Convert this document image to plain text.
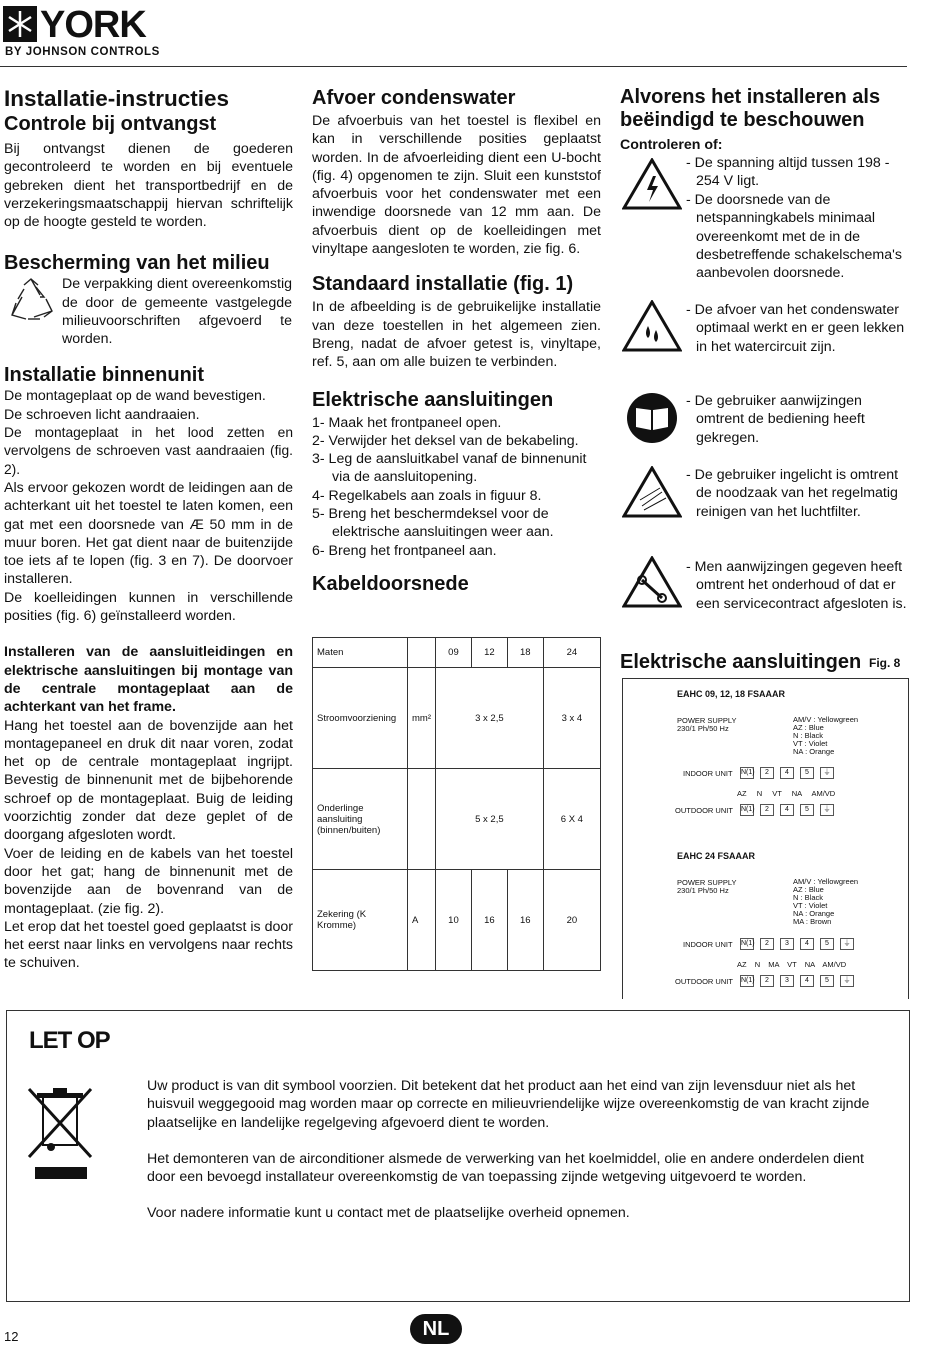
YORK
BY JOHNSON CONTROLS

Installatie-instructies

Controle bij ontvangst

Bij ontvangst dienen de goederen gecontroleerd te worden en bij eventuele gebreken dient het transportbedrijf en de verzekeringsmaatschappij hiervan schriftelijk op de hoogte gesteld te worden.

Bescherming van het milieu

De verpakking dient overeenkomstig de door de gemeente vastgelegde milieuvoorschriften afgevoerd te worden.

Installatie binnenunit

De montageplaat op de wand bevestigen.

De schroeven licht aandraaien.

De montageplaat in het lood zetten en vervolgens de schroeven vast aandraaien (fig. 2).

Als ervoor gekozen wordt de leidingen aan de achterkant uit het toestel te laten komen, een gat met een doorsnede van Æ 50 mm in de muur boren. Het gat dient naar de buitenzijde toe iets af te lopen (fig. 3 en 7). De doorvoer installeren.

De koelleidingen kunnen in verschillende posities (fig. 6) geïnstalleerd worden.

Installeren van de aansluitleidingen en elektrische aansluitingen bij montage van de centrale montageplaat aan de achterkant van het frame.

Hang het toestel aan de bovenzijde aan het montagepaneel en druk dit naar voren, zodat het op de centrale montageplaat ingrijpt. Bevestig de binnenunit met de bijbehorende schroef op de montageplaat. Buig de leiding voorzichtig zonder dat deze geplet of de doorgang afgesloten wordt.

Voer de leiding en de kabels van het toestel door het gat; hang de binnenunit met de bovenzijde aan de bovenrand van de montageplaat. (zie fig. 2).

Let erop dat het toestel goed geplaatst is door het eerst naar links en vervolgens naar rechts te schuiven.

Afvoer condenswater

De afvoerbuis van het toestel is flexibel en kan in verschillende posities geplaatst worden. In de afvoerleiding dient een U-bocht (fig. 4) opgenomen te zijn. Sluit een kunststof afvoerbuis voor het condenswater met een inwendige doorsnede van 12 mm aan. De afvoerbuis dient op de koelleidingen met vinyltape aangesloten te worden, zie fig. 6.

Standaard installatie (fig. 1)

In de afbeelding is de gebruikelijke installatie van deze toestellen in het algemeen zien. Breng, nadat de afvoer getest is, vinyltape, ref. 5, aan om alle buizen te verbinden.

Elektrische aansluitingen

1- Maak het frontpaneel open.

2- Verwijder het deksel van de bekabeling.

3- Leg de aansluitkabel vanaf de binnenunit via de aansluitopening.

4- Regelkabels aan zoals in figuur 8.

5- Breng het beschermdeksel voor de elektrische aansluitingen weer aan.

6- Breng het frontpaneel aan.

Kabeldoorsnede

Maten		09	12	18	24
Stroomvoorziening	mm²	3 x 2,5			3 x 4
Onderlinge aansluiting (binnen/buiten)		5 x 2,5			6 X 4
Zekering (K Kromme)	A	10	16	16	20

Alvorens het installeren als beëindigd te beschouwen

Controleren of:

- De spanning altijd tussen 198 - 254 V ligt.

- De doorsnede van de netspanningkabels minimaal overeenkomt met de in de desbetreffende schakelschema's aanbevolen doorsnede.

- De afvoer van het condenswater optimaal werkt en er geen lekken in het watercircuit zijn.

- De gebruiker aanwijzingen omtrent de bediening heeft gekregen.

- De gebruiker ingelicht is omtrent de noodzaak van het regelmatig reinigen van het luchtfilter.

- Men aanwijzingen gegeven heeft omtrent het onderhoud of dat er een servicecontract afgesloten is.

Elektrische aansluitingen Fig. 8
EAHC 09, 12, 18 FSAAAR
POWER SUPPLY
230/1 Ph/50 Hz
AM/V : Yellowgreen
AZ : Blue
N : Black
VT : Violet
NA : Orange
INDOOR UNIT N(1) 2 4 5 ⏚
AZ N VT NA AM/VD
OUTDOOR UNIT N(1) 2 4 5 ⏚
EAHC 24 FSAAAR
POWER SUPPLY
230/1 Ph/50 Hz
AM/V : Yellowgreen
AZ : Blue
N : Black
VT : Violet
NA : Orange
MA : Brown
INDOOR UNIT N(1) 2 3 4 5 ⏚
AZ N MA VT NA AM/VD
OUTDOOR UNIT N(1) 2 3 4 5 ⏚
LET OP

Uw product is van dit symbool voorzien. Dit betekent dat het product aan het eind van zijn levensduur niet als het huisvuil weggegooid mag worden maar op correcte en milieuvriendelijke wijze overeenkomstig de van kracht zijnde plaatselijke en landelijke regelgeving afgevoerd dient te worden.

Het demonteren van de airconditioner alsmede de verwerking van het koelmiddel, olie en andere onderdelen dient door een bevoegd installateur overeenkomstig de van toepassing zijnde wetgeving uitgevoerd te worden.

Voor nadere informatie kunt u contact met de plaatselijke overheid opnemen.

12	NL
